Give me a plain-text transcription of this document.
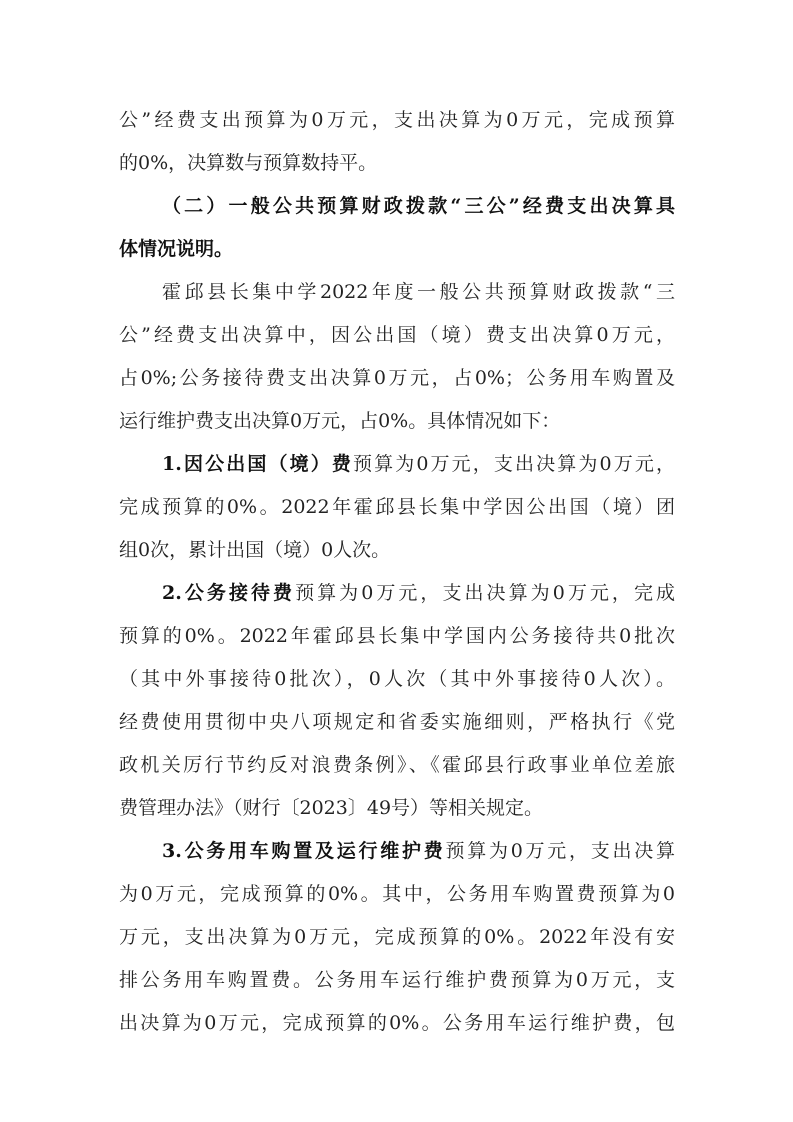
公”经费支出预算为0万元，支出决算为0万元，完成预算
的0%，决算数与预算数持平。
（二）一般公共预算财政拨款“三公”经费支出决算具
体情况说明。
霍邱县长集中学2022年度一般公共预算财政拨款“三
公”经费支出决算中，因公出国（境）费支出决算0万元，
占0%;公务接待费支出决算0万元，占0%；公务用车购置及
运行维护费支出决算0万元，占0%。具体情况如下：
1.因公出国（境）费预算为0万元，支出决算为0万元，
完成预算的0%。2022年霍邱县长集中学因公出国（境）团
组0次，累计出国（境）0人次。
2.公务接待费预算为0万元，支出决算为0万元，完成
预算的0%。2022年霍邱县长集中学国内公务接待共0批次
（其中外事接待0批次），0人次（其中外事接待0人次）。
经费使用贯彻中央八项规定和省委实施细则，严格执行《党
政机关厉行节约反对浪费条例》、《霍邱县行政事业单位差旅
费管理办法》（财行〔2023〕49号）等相关规定。
3.公务用车购置及运行维护费预算为0万元，支出决算
为0万元，完成预算的0%。其中，公务用车购置费预算为0
万元，支出决算为0万元，完成预算的0%。2022年没有安
排公务用车购置费。公务用车运行维护费预算为0万元，支
出决算为0万元，完成预算的0%。公务用车运行维护费，包
